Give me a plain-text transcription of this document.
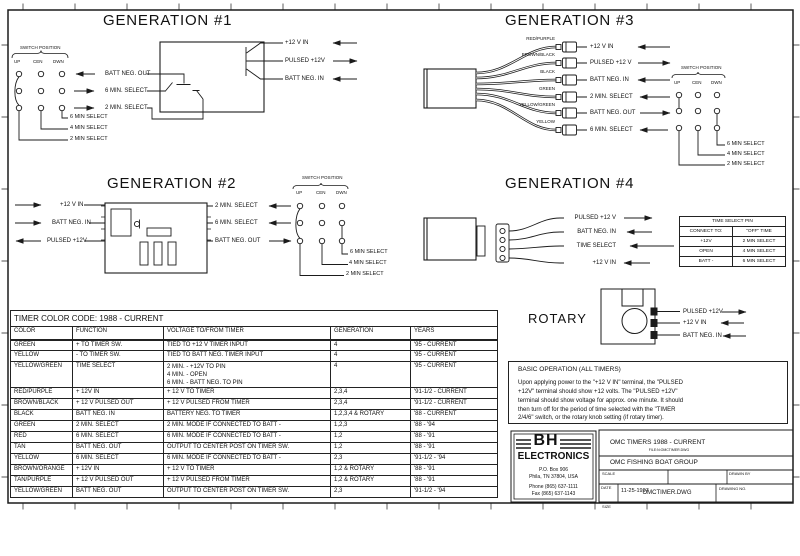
GENERATION #1
SWITCH POSITION
UP	CEN DWN
6 MIN SELECT
4 MIN SELECT
2 MIN SELECT
BATT NEG. OUT
6 MIN. SELECT
2 MIN. SELECT
+12 V IN
PULSED +12V
BATT NEG. IN
GENERATION #2
+12 V IN
BATT NEG. IN
PULSED +12V
2 MIN. SELECT
6 MIN. SELECT
BATT NEG. OUT
SWITCH POSITION
UP	CEN DWN
6 MIN SELECT
4 MIN SELECT
2 MIN SELECT
GENERATION #3
RED/PURPLE
BROWN/BLACK
BLACK
GREEN
YELLOW/GREEN
YELLOW
+12 V IN
PULSED +12 V
BATT NEG. IN
2 MIN. SELECT
BATT NEG. OUT
6 MIN. SELECT
SWITCH POSITION
UP	CEN DWN
6 MIN SELECT
4 MIN SELECT
2 MIN SELECT
GENERATION #4
PULSED +12 V
BATT NEG. IN
TIME SELECT
+12 V IN
TIME SELECT PIN	
CONNECT TO:	"OFF" TIME
+12V	2 MIN SELECT
OPEN	4 MIN SELECT
BATT -	6 MIN SELECT
ROTARY	PULSED +12V
+12 V IN
BATT NEG. IN
BASIC OPERATION (ALL TIMERS)
Upon applying power to the "+12 V IN" terminal, the "PULSED
+12V" terminal should show +12 volts. The "PULSED +12V"
terminal should show voltage for approx. one minute. It should
then turn off for the period of time selected with the "TIMER
2/4/6" switch, or the rotary knob setting (if rotary timer).
TIMER COLOR CODE: 1988 - CURRENT				
COLOR	FUNCTION	VOLTAGE TO/FROM TIMER	GENERATION	YEARS
GREEN	+ TO TIMER SW.	TIED TO +12 V TIMER INPUT	4	'95 - CURRENT
YELLOW	- TO TIMER SW.	TIED TO BATT NEG. TIMER INPUT	4	'95 - CURRENT
YELLOW/GREEN	TIME SELECT	2 MIN. - +12V TO PIN
4 MIN. - OPEN
6 MIN. - BATT NEG. TO PIN	4	'95 - CURRENT
RED/PURPLE	+ 12V IN	+ 12 V TO TIMER	2,3,4	'91-1/2 - CURRENT
BROWN/BLACK	+ 12 V PULSED OUT	+ 12 V PULSED FROM TIMER	2,3,4	'91-1/2 - CURRENT
BLACK	BATT NEG. IN	BATTERY NEG. TO TIMER	1,2,3,4 & ROTARY	'88 - CURRENT
GREEN	2 MIN. SELECT	2 MIN. MODE IF CONNECTED TO BATT -	1,2,3	'88 - '94
RED	6 MIN. SELECT	6 MIN. MODE IF CONNECTED TO BATT -	1,2	'88 - '91
TAN	BATT NEG. OUT	OUTPUT TO CENTER POST ON TIMER SW.	1,2	'88 - '91
YELLOW	6 MIN. SELECT	6 MIN. MODE IF CONNECTED TO BATT -	2,3	'91-1/2 - '94
BROWN/ORANGE	+ 12V IN	+ 12 V TO TIMER	1,2 & ROTARY	'88 - '91
TAN/PURPLE	+ 12 V PULSED OUT	+ 12 V PULSED FROM TIMER	1,2 & ROTARY	'88 - '91
YELLOW/GREEN	BATT NEG. OUT	OUTPUT TO CENTER POST ON TIMER SW.	2,3	'91-1/2 - '94
BH
ELECTRONICS
P.O. Box 906
Phila, TN 37804, USA
Phone (865) 637-1111
Fax (865) 637-1143
OMC TIMERS 1988 - CURRENT
FILE:N:OMCTIMER.DWG
OMC FISHING BOAT GROUP
SCALE	DRAWN BY
DATE
11-25-1997
SIZE
OMCTIMER.DWG
DRAWING NO.
